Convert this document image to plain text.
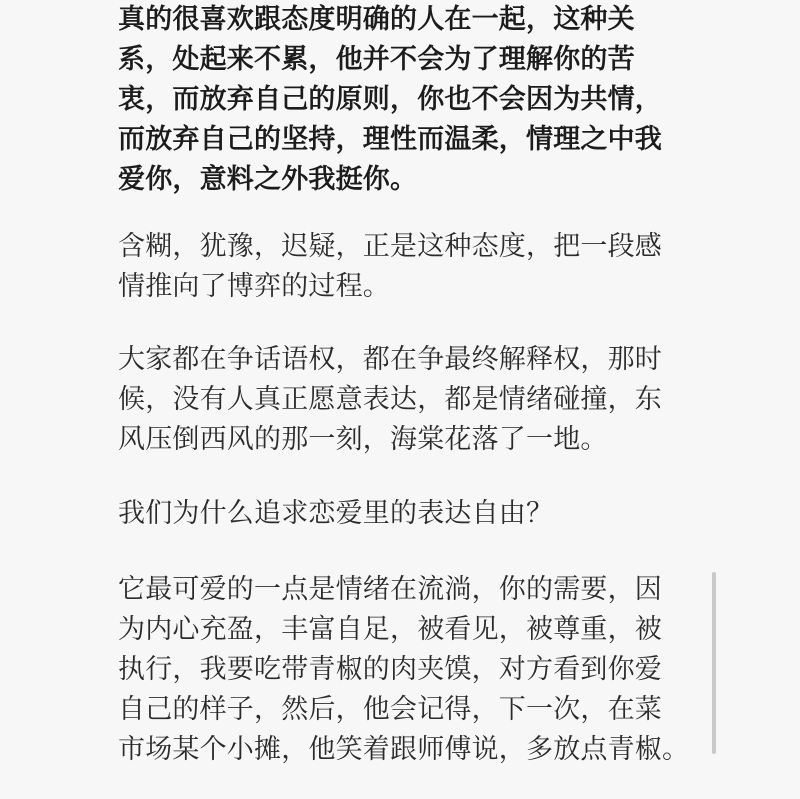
真的很喜欢跟态度明确的人在一起，这种关
系，处起来不累，他并不会为了理解你的苦
衷，而放弃自己的原则，你也不会因为共情，
而放弃自己的坚持，理性而温柔，情理之中我
爱你，意料之外我挺你。
含糊，犹豫，迟疑，正是这种态度，把一段感
情推向了博弈的过程。
大家都在争话语权，都在争最终解释权，那时
候，没有人真正愿意表达，都是情绪碰撞，东
风压倒西风的那一刻，海棠花落了一地。
我们为什么追求恋爱里的表达自由？
它最可爱的一点是情绪在流淌，你的需要，因
为内心充盈，丰富自足，被看见，被尊重，被
执行，我要吃带青椒的肉夹馍，对方看到你爱
自己的样子，然后，他会记得，下一次，在菜
市场某个小摊，他笑着跟师傅说，多放点青椒。
